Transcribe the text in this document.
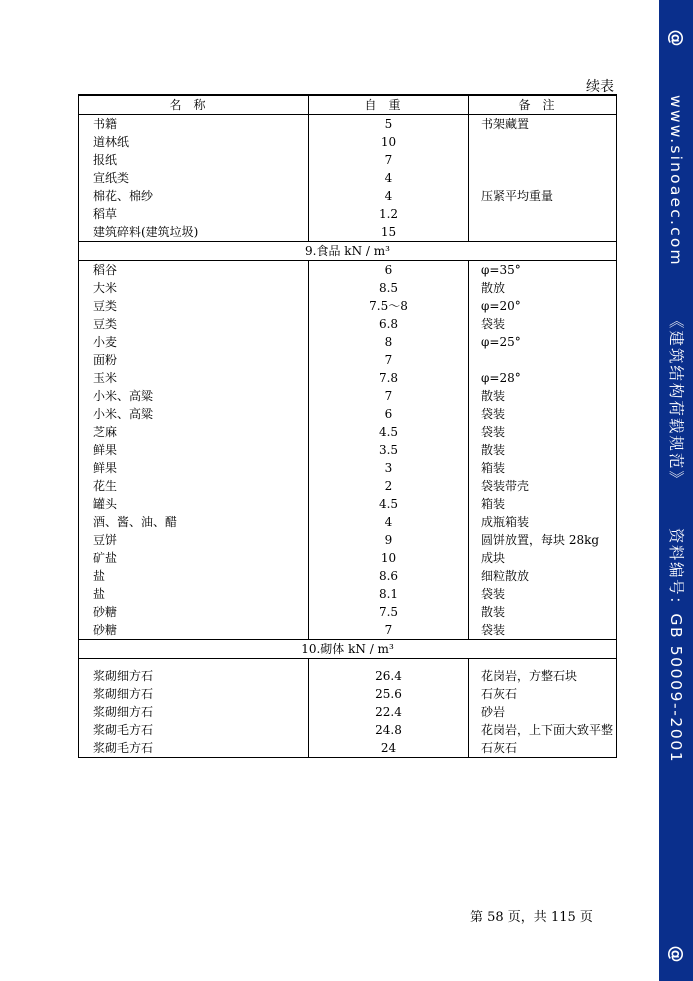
@
www.sinoaec.com《建筑结构荷载规范》资料编号：GB 50009--2001
@
续表
名称	自重	备注
书籍	5	书架藏置
道林纸	10	
报纸	7	
宣纸类	4	
棉花、棉纱	4	压紧平均重量
稻草	1.2	
建筑碎料(建筑垃圾)	15	
9.食品 kN / m³		
稻谷	6	φ=35°
大米	8.5	散放
豆类	7.5～8	φ=20°
豆类	6.8	袋装
小麦	8	φ=25°
面粉	7	
玉米	7.8	φ=28°
小米、高粱	7	散装
小米、高粱	6	袋装
芝麻	4.5	袋装
鲜果	3.5	散装
鲜果	3	箱装
花生	2	袋装带壳
罐头	4.5	箱装
酒、酱、油、醋	4	成瓶箱装
豆饼	9	圆饼放置，每块 28kg
矿盐	10	成块
盐	8.6	细粒散放
盐	8.1	袋装
砂糖	7.5	散装
砂糖	7	袋装
10.砌体 kN / m³		

浆砌细方石	26.4	花岗岩，方整石块
浆砌细方石	25.6	石灰石
浆砌细方石	22.4	砂岩
浆砌毛方石	24.8	花岗岩，上下面大致平整
浆砌毛方石	24	石灰石
第 58 页，共 115 页
